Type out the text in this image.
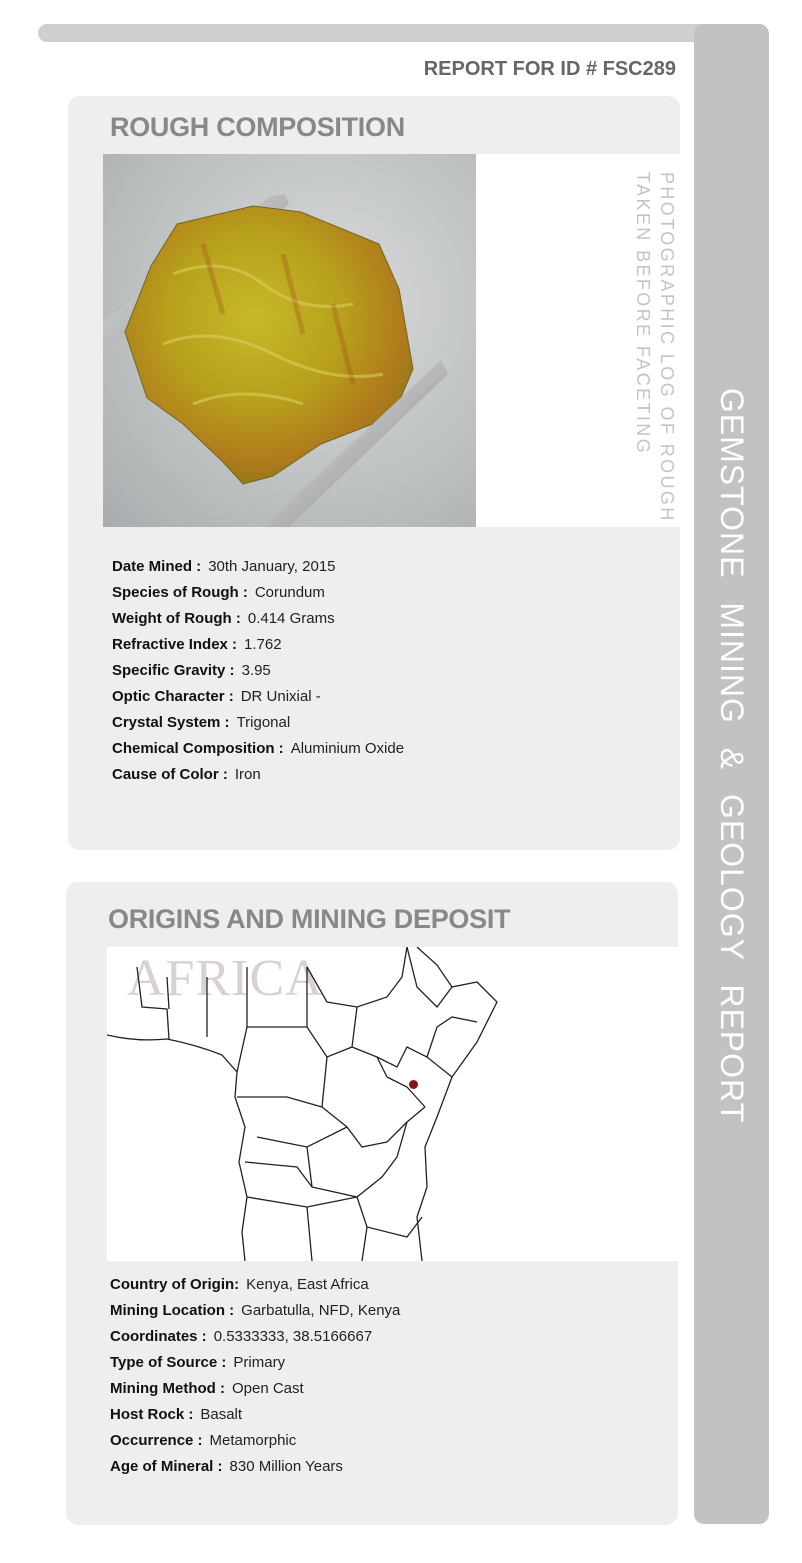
GEMSTONE MINING & GEOLOGY REPORT
REPORT FOR ID # FSC289
ROUGH COMPOSITION
PHOTOGRAPHIC LOG OF ROUGH
TAKEN BEFORE FACETING
Date Mined : 30th January, 2015
Species of Rough : Corundum
Weight of Rough : 0.414 Grams
Refractive Index : 1.762
Specific Gravity : 3.95
Optic Character : DR Unixial -
Crystal System : Trigonal
Chemical Composition : Aluminium Oxide
Cause of Color : Iron
ORIGINS AND MINING DEPOSIT
AFRICA
Country of Origin: Kenya, East Africa
Mining Location : Garbatulla, NFD, Kenya
Coordinates : 0.5333333, 38.5166667
Type of Source : Primary
Mining Method : Open Cast
Host Rock : Basalt
Occurrence : Metamorphic
Age of Mineral : 830 Million Years
